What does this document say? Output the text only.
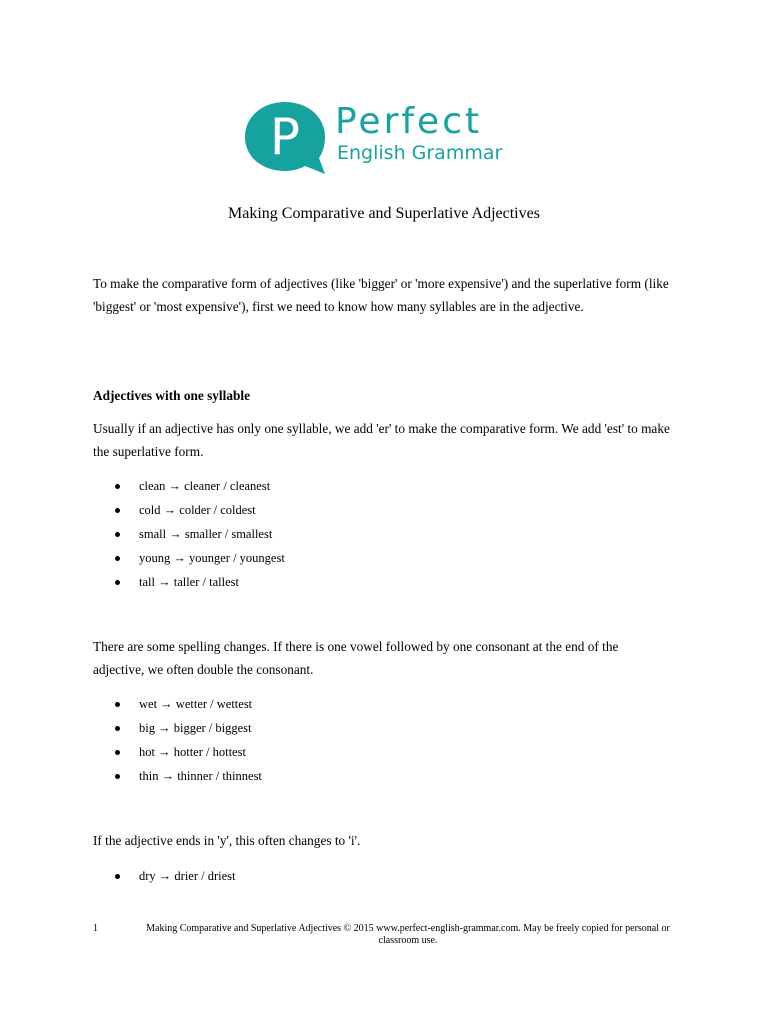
P Perfect
English Grammar
Making Comparative and Superlative Adjectives

To make the comparative form of adjectives (like 'bigger' or 'more expensive') and the superlative form (like 'biggest' or 'most expensive'), first we need to know how many syllables are in the adjective.

Adjectives with one syllable

Usually if an adjective has only one syllable, we add 'er' to make the comparative form. We add 'est' to make the superlative form.

clean → cleaner / cleanest
cold → colder / coldest
small → smaller / smallest
young → younger / youngest
tall → taller / tallest

There are some spelling changes. If there is one vowel followed by one consonant at the end of the adjective, we often double the consonant.

wet → wetter / wettest
big → bigger / biggest
hot → hotter / hottest
thin → thinner / thinnest

If the adjective ends in 'y', this often changes to 'i'.

dry → drier / driest
1	Making Comparative and Superlative Adjectives © 2015 www.perfect-english-grammar.com. May be freely copied for personal or classroom use.
